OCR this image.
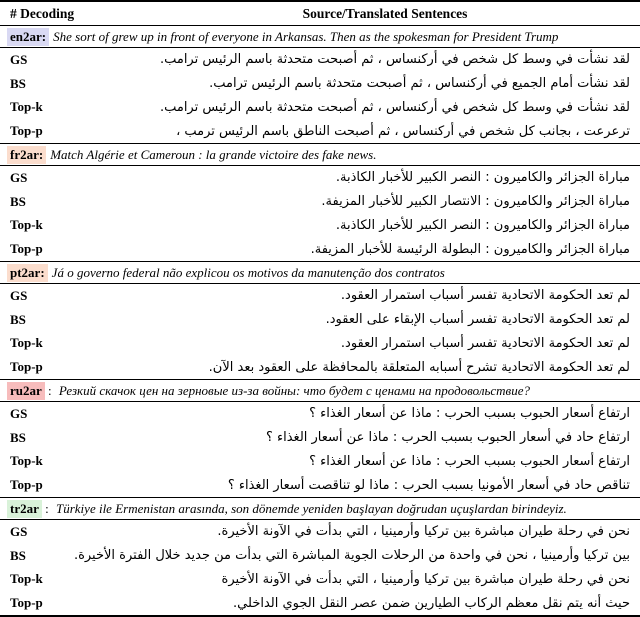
# Decoding	Source/Translated Sentences
en2ar: She sort of grew up in front of everyone in Arkansas. Then as the spokesman for President Trump
GS	لقد نشأت في وسط كل شخص في أركنساس ، ثم أصبحت متحدثة باسم الرئيس ترامب.
BS	لقد نشأت أمام الجميع في أركنساس ، ثم أصبحت متحدثة باسم الرئيس ترامب.
Top-k	لقد نشأت في وسط كل شخص في أركنساس ، ثم أصبحت متحدثة باسم الرئيس ترامب.
Top-p	ترعرعت ، بجانب كل شخص في أركنساس ، ثم أصبحت الناطق باسم الرئيس ترمب ،
fr2ar: Match Algérie et Cameroun : la grande victoire des fake news.
GS	مباراة الجزائر والكاميرون : النصر الكبير للأخبار الكاذبة.
BS	مباراة الجزائر والكاميرون : الانتصار الكبير للأخبار المزيفة.
Top-k	مباراة الجزائر والكاميرون : النصر الكبير للأخبار الكاذبة.
Top-p	مباراة الجزائر والكاميرون : البطولة الرئيسة للأخبار المزيفة.
pt2ar: Já o governo federal não explicou os motivos da manutenção dos contratos
GS	لم تعد الحكومة الاتحادية تفسر أسباب استمرار العقود.
BS	لم تعد الحكومة الاتحادية تفسر أسباب الإبقاء على العقود.
Top-k	لم تعد الحكومة الاتحادية تفسر أسباب استمرار العقود.
Top-p	لم تعد الحكومة الاتحادية تشرح أسبابه المتعلقة بالمحافظة على العقود بعد الآن.
ru2ar : Резкий скачок цен на зерновые из-за войны: что будет с ценами на продовольствие?
GS	ارتفاع أسعار الحبوب بسبب الحرب : ماذا عن أسعار الغذاء ؟
BS	ارتفاع حاد في أسعار الحبوب بسبب الحرب : ماذا عن أسعار الغذاء ؟
Top-k	ارتفاع أسعار الحبوب بسبب الحرب : ماذا عن أسعار الغذاء ؟
Top-p	تناقص حاد في أسعار الأمونيا بسبب الحرب : ماذا لو تناقصت أسعار الغذاء ؟
tr2ar : Türkiye ile Ermenistan arasında, son dönemde yeniden başlayan doğrudan uçuşlardan birindeyiz.
GS	نحن في رحلة طيران مباشرة بين تركيا وأرمينيا ، التي بدأت في الآونة الأخيرة.
BS	بين تركيا وأرمينيا ، نحن في واحدة من الرحلات الجوية المباشرة التي بدأت من جديد خلال الفترة الأخيرة.
Top-k	نحن في رحلة طيران مباشرة بين تركيا وأرمينيا ، التي بدأت في الآونة الأخيرة
Top-p	حيث أنه يتم نقل معظم الركاب الطيارين ضمن عصر النقل الجوي الداخلي.
